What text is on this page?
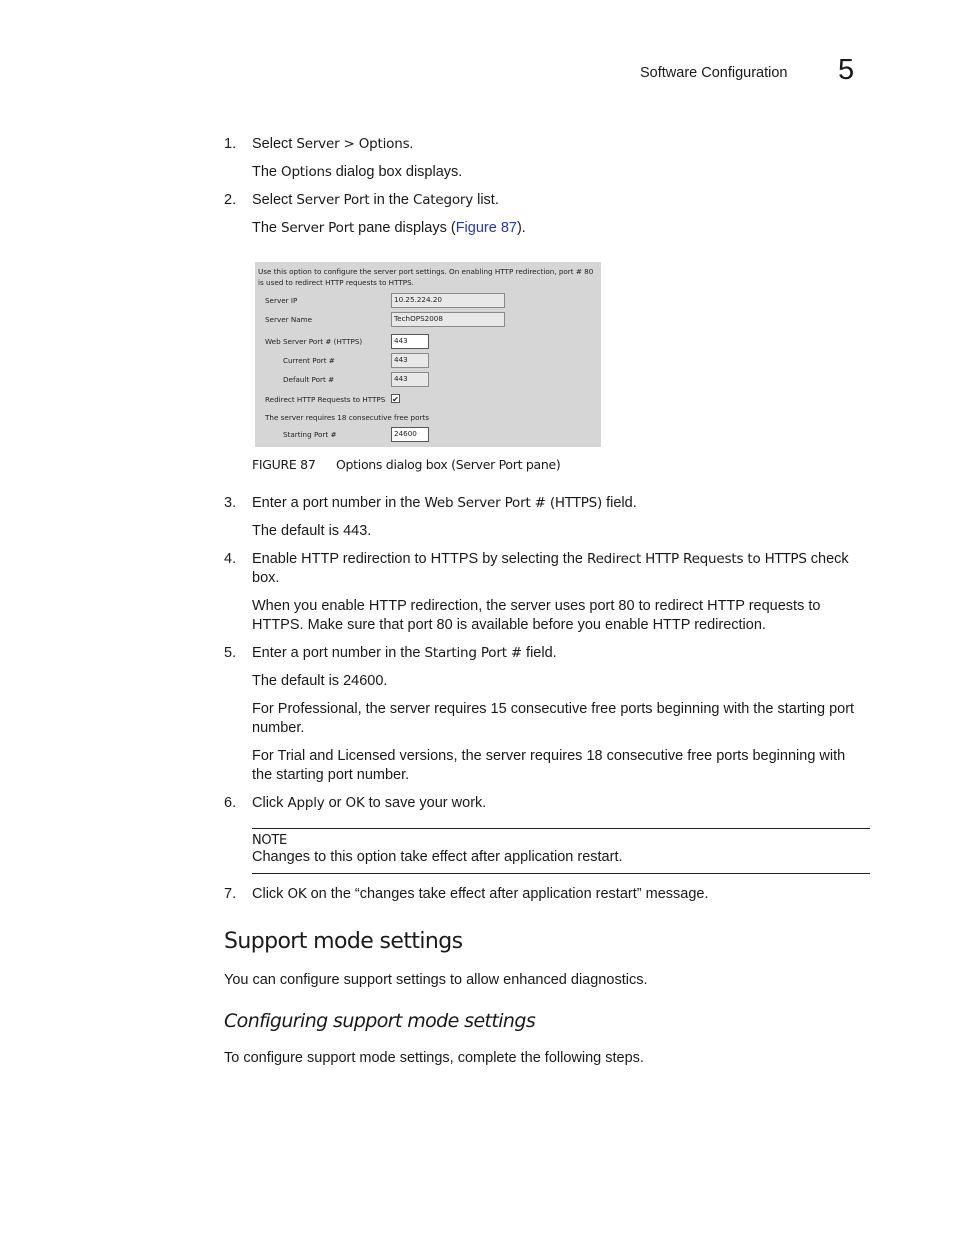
Software Configuration 5
1. Select Server > Options.
The Options dialog box displays.
2. Select Server Port in the Category list.
The Server Port pane displays (Figure 87).
Use this option to configure the server port settings. On enabling HTTP redirection, port # 80 is used to redirect HTTP requests to HTTPS.
Server IP	10.25.224.20
Server Name	TechOPS2008
Web Server Port # (HTTPS)	443
Current Port #	443
Default Port #	443
Redirect HTTP Requests to HTTPS ✔
The server requires 18 consecutive free ports
Starting Port #	24600
FIGURE 87 Options dialog box (Server Port pane)
3. Enter a port number in the Web Server Port # (HTTPS) field.
The default is 443.
4. Enable HTTP redirection to HTTPS by selecting the Redirect HTTP Requests to HTTPS check
box.
When you enable HTTP redirection, the server uses port 80 to redirect HTTP requests to
HTTPS. Make sure that port 80 is available before you enable HTTP redirection.
5. Enter a port number in the Starting Port # field.
The default is 24600.
For Professional, the server requires 15 consecutive free ports beginning with the starting port
number.
For Trial and Licensed versions, the server requires 18 consecutive free ports beginning with
the starting port number.
6. Click Apply or OK to save your work.
NOTE
Changes to this option take effect after application restart.
7. Click OK on the “changes take effect after application restart” message.
Support mode settings
You can configure support settings to allow enhanced diagnostics.
Configuring support mode settings
To configure support mode settings, complete the following steps.
